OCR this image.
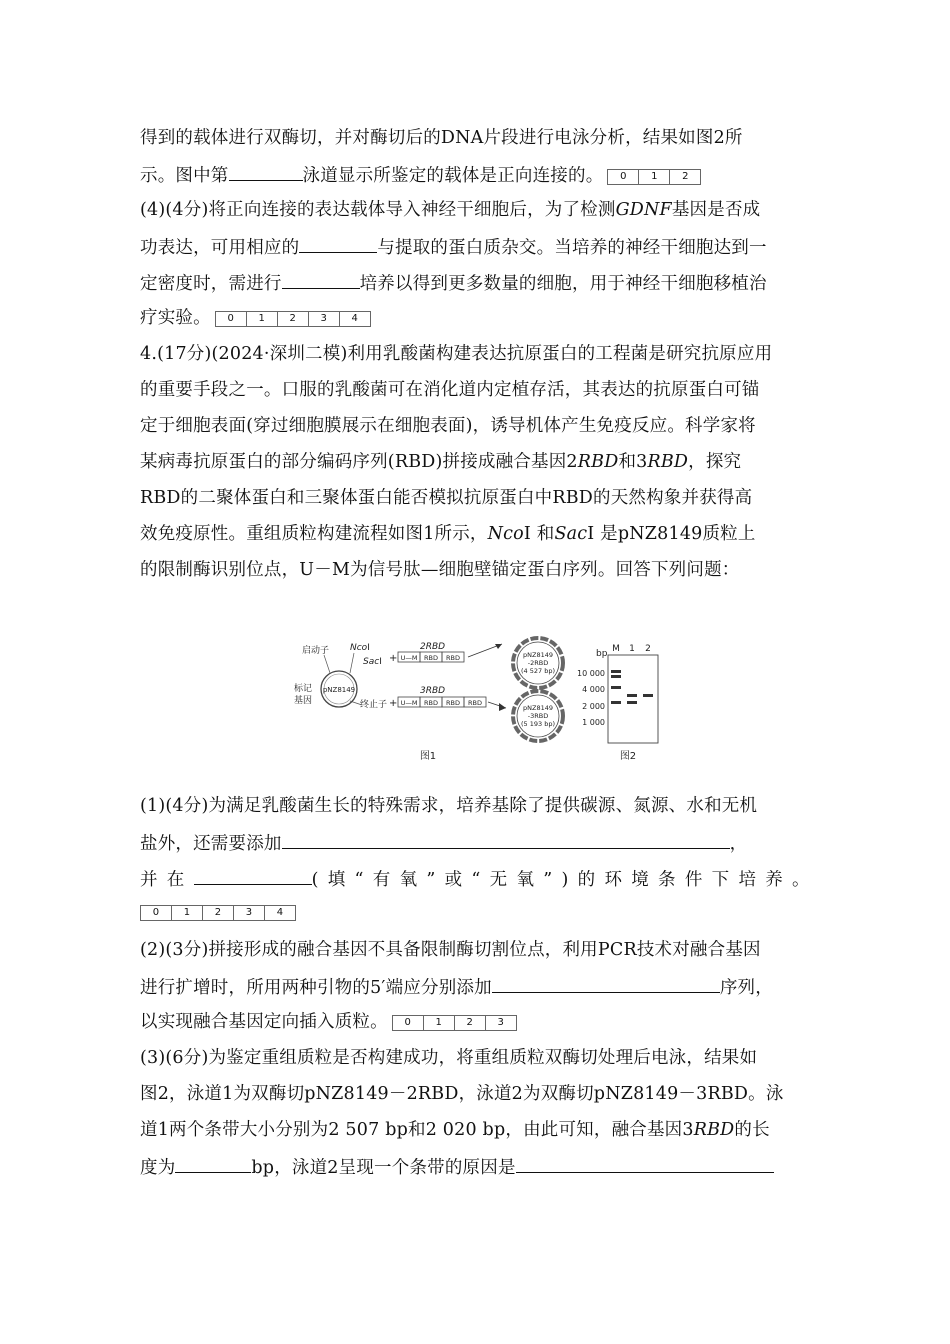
得到的载体进行双酶切，并对酶切后的DNA片段进行电泳分析，结果如图2所
示。图中第	泳道显示所鉴定的载体是正向连接的。	0	1	2
(4)(4分)将正向连接的表达载体导入神经干细胞后，为了检测GDNF基因是否成
功表达，可用相应的	与提取的蛋白质杂交。当培养的神经干细胞达到一
定密度时，需进行	培养以得到更多数量的细胞，用于神经干细胞移植治
疗实验。	0	1	2	3	4
4.(17分)(2024·深圳二模)利用乳酸菌构建表达抗原蛋白的工程菌是研究抗原应用
的重要手段之一。口服的乳酸菌可在消化道内定植存活，其表达的抗原蛋白可锚
定于细胞表面(穿过细胞膜展示在细胞表面)，诱导机体产生免疫反应。科学家将
某病毒抗原蛋白的部分编码序列(RBD)拼接成融合基因2RBD和3RBD，探究
RBD的二聚体蛋白和三聚体蛋白能否模拟抗原蛋白中RBD的天然构象并获得高
效免疫原性。重组质粒构建流程如图1所示，NcoⅠ 和SacⅠ 是pNZ8149质粒上
的限制酶识别位点，U－M为信号肽—细胞壁锚定蛋白序列。回答下列问题：
pNZ8149
启动子 NcoⅠ
SacⅠ
标记
基因	终止子
+
+
2RBD
3RBD
U—M RBD RBD
U—M RBD RBD RBD
pNZ8149
-2RBD
(4 527 bp)
pNZ8149
-3RBD
(5 193 bp)
图1
bp M 1 2
10 000
4 000
2 000
1 000
图2
(1)(4分)为满足乳酸菌生长的特殊需求，培养基除了提供碳源、氮源、水和无机
盐外，还需要添加	，
并在	(填“有氧”或“无氧”)的环境条件下培养。
0	1	2	3	4
(2)(3分)拼接形成的融合基因不具备限制酶切割位点，利用PCR技术对融合基因
进行扩增时，所用两种引物的5′端应分别添加	序列，
以实现融合基因定向插入质粒。	0	1	2	3
(3)(6分)为鉴定重组质粒是否构建成功，将重组质粒双酶切处理后电泳，结果如
图2，泳道1为双酶切pNZ8149－2RBD，泳道2为双酶切pNZ8149－3RBD。泳
道1两个条带大小分别为2 507 bp和2 020 bp，由此可知，融合基因3RBD的长
度为	bp，泳道2呈现一个条带的原因是
